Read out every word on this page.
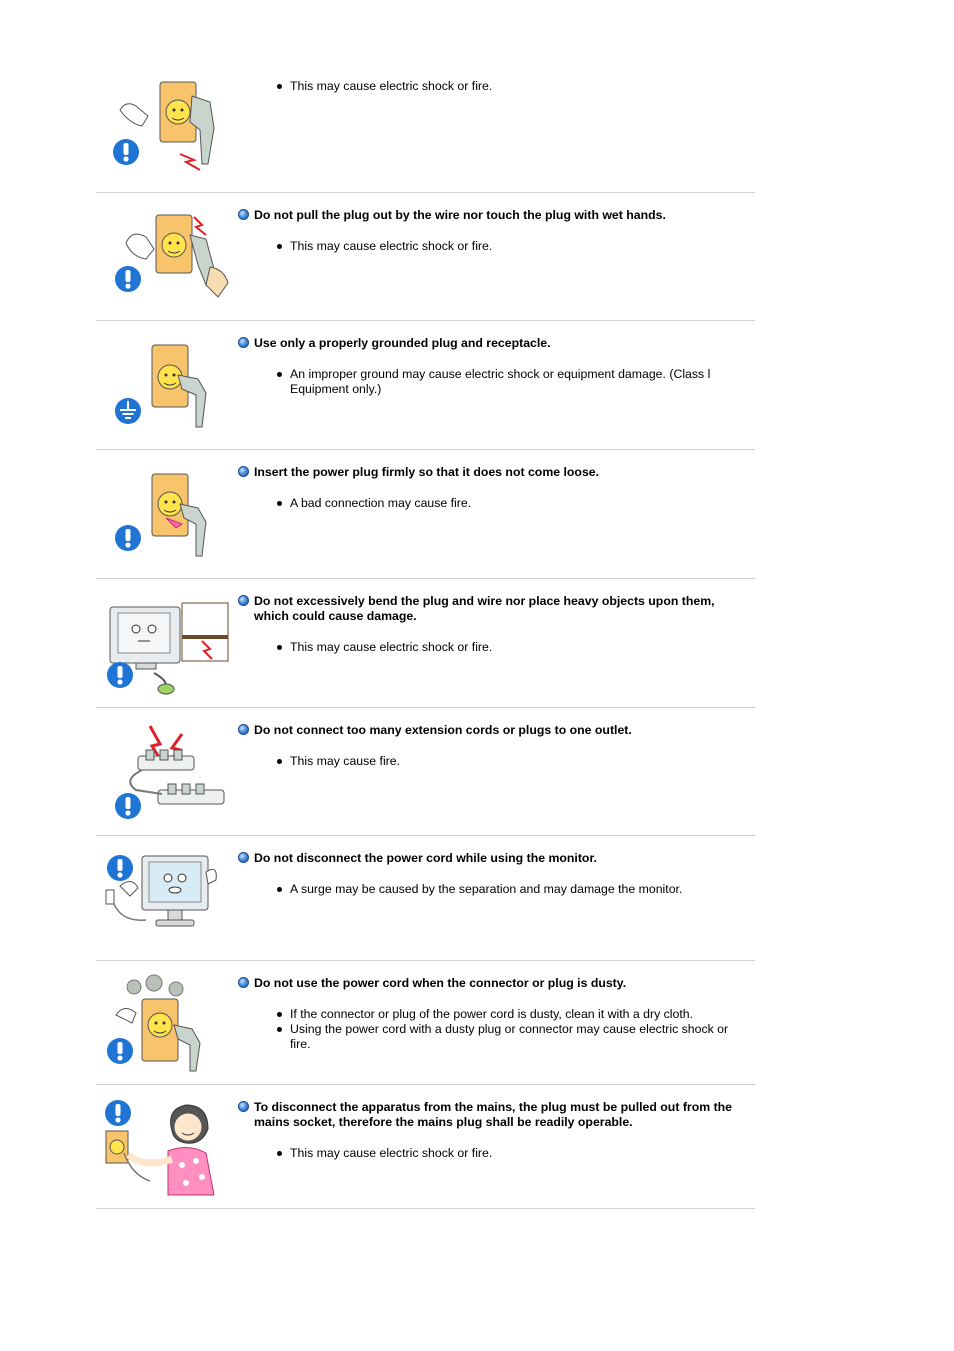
This may cause electric shock or fire.

Do not pull the plug out by the wire nor touch the plug with wet hands.

This may cause electric shock or fire.

Use only a properly grounded plug and receptacle.

An improper ground may cause electric shock or equipment damage. (Class l Equipment only.)

Insert the power plug firmly so that it does not come loose.

A bad connection may cause fire.

Do not excessively bend the plug and wire nor place heavy objects upon them, which could cause damage.

This may cause electric shock or fire.

Do not connect too many extension cords or plugs to one outlet.

This may cause fire.

Do not disconnect the power cord while using the monitor.

A surge may be caused by the separation and may damage the monitor.

Do not use the power cord when the connector or plug is dusty.

If the connector or plug of the power cord is dusty, clean it with a dry cloth.
Using the power cord with a dusty plug or connector may cause electric shock or fire.

To disconnect the apparatus from the mains, the plug must be pulled out from the mains socket, therefore the mains plug shall be readily operable.

This may cause electric shock or fire.
